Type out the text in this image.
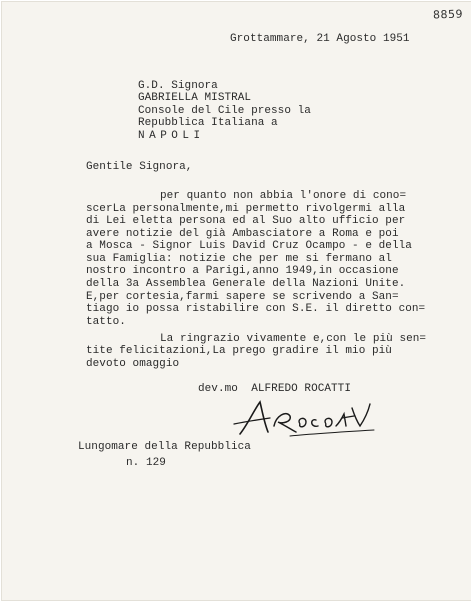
8859
Grottammare, 21 Agosto 1951
G.D. Signora
GABRIELLA MISTRAL
Console del Cile presso la
Repubblica Italiana a
NAPOLI
Gentile Signora,
per quanto non abbia l'onore di cono=
scerLa personalmente,mi permetto rivolgermi alla
di Lei eletta persona ed al Suo alto ufficio per
avere notizie del già Ambasciatore a Roma e poi
a Mosca - Signor Luis David Cruz Ocampo - e della
sua Famiglia: notizie che per me si fermano al
nostro incontro a Parigi,anno 1949,in occasione
della 3a Assemblea Generale della Nazioni Unite.
E,per cortesia,farmi sapere se scrivendo a San=
tiago io possa ristabilire con S.E. il diretto con=
tatto.
La ringrazio vivamente e,con le più sen=
tite felicitazioni,La prego gradire il mio più
devoto omaggio
dev.mo  ALFREDO ROCATTI
Lungomare della Repubblica
n. 129
